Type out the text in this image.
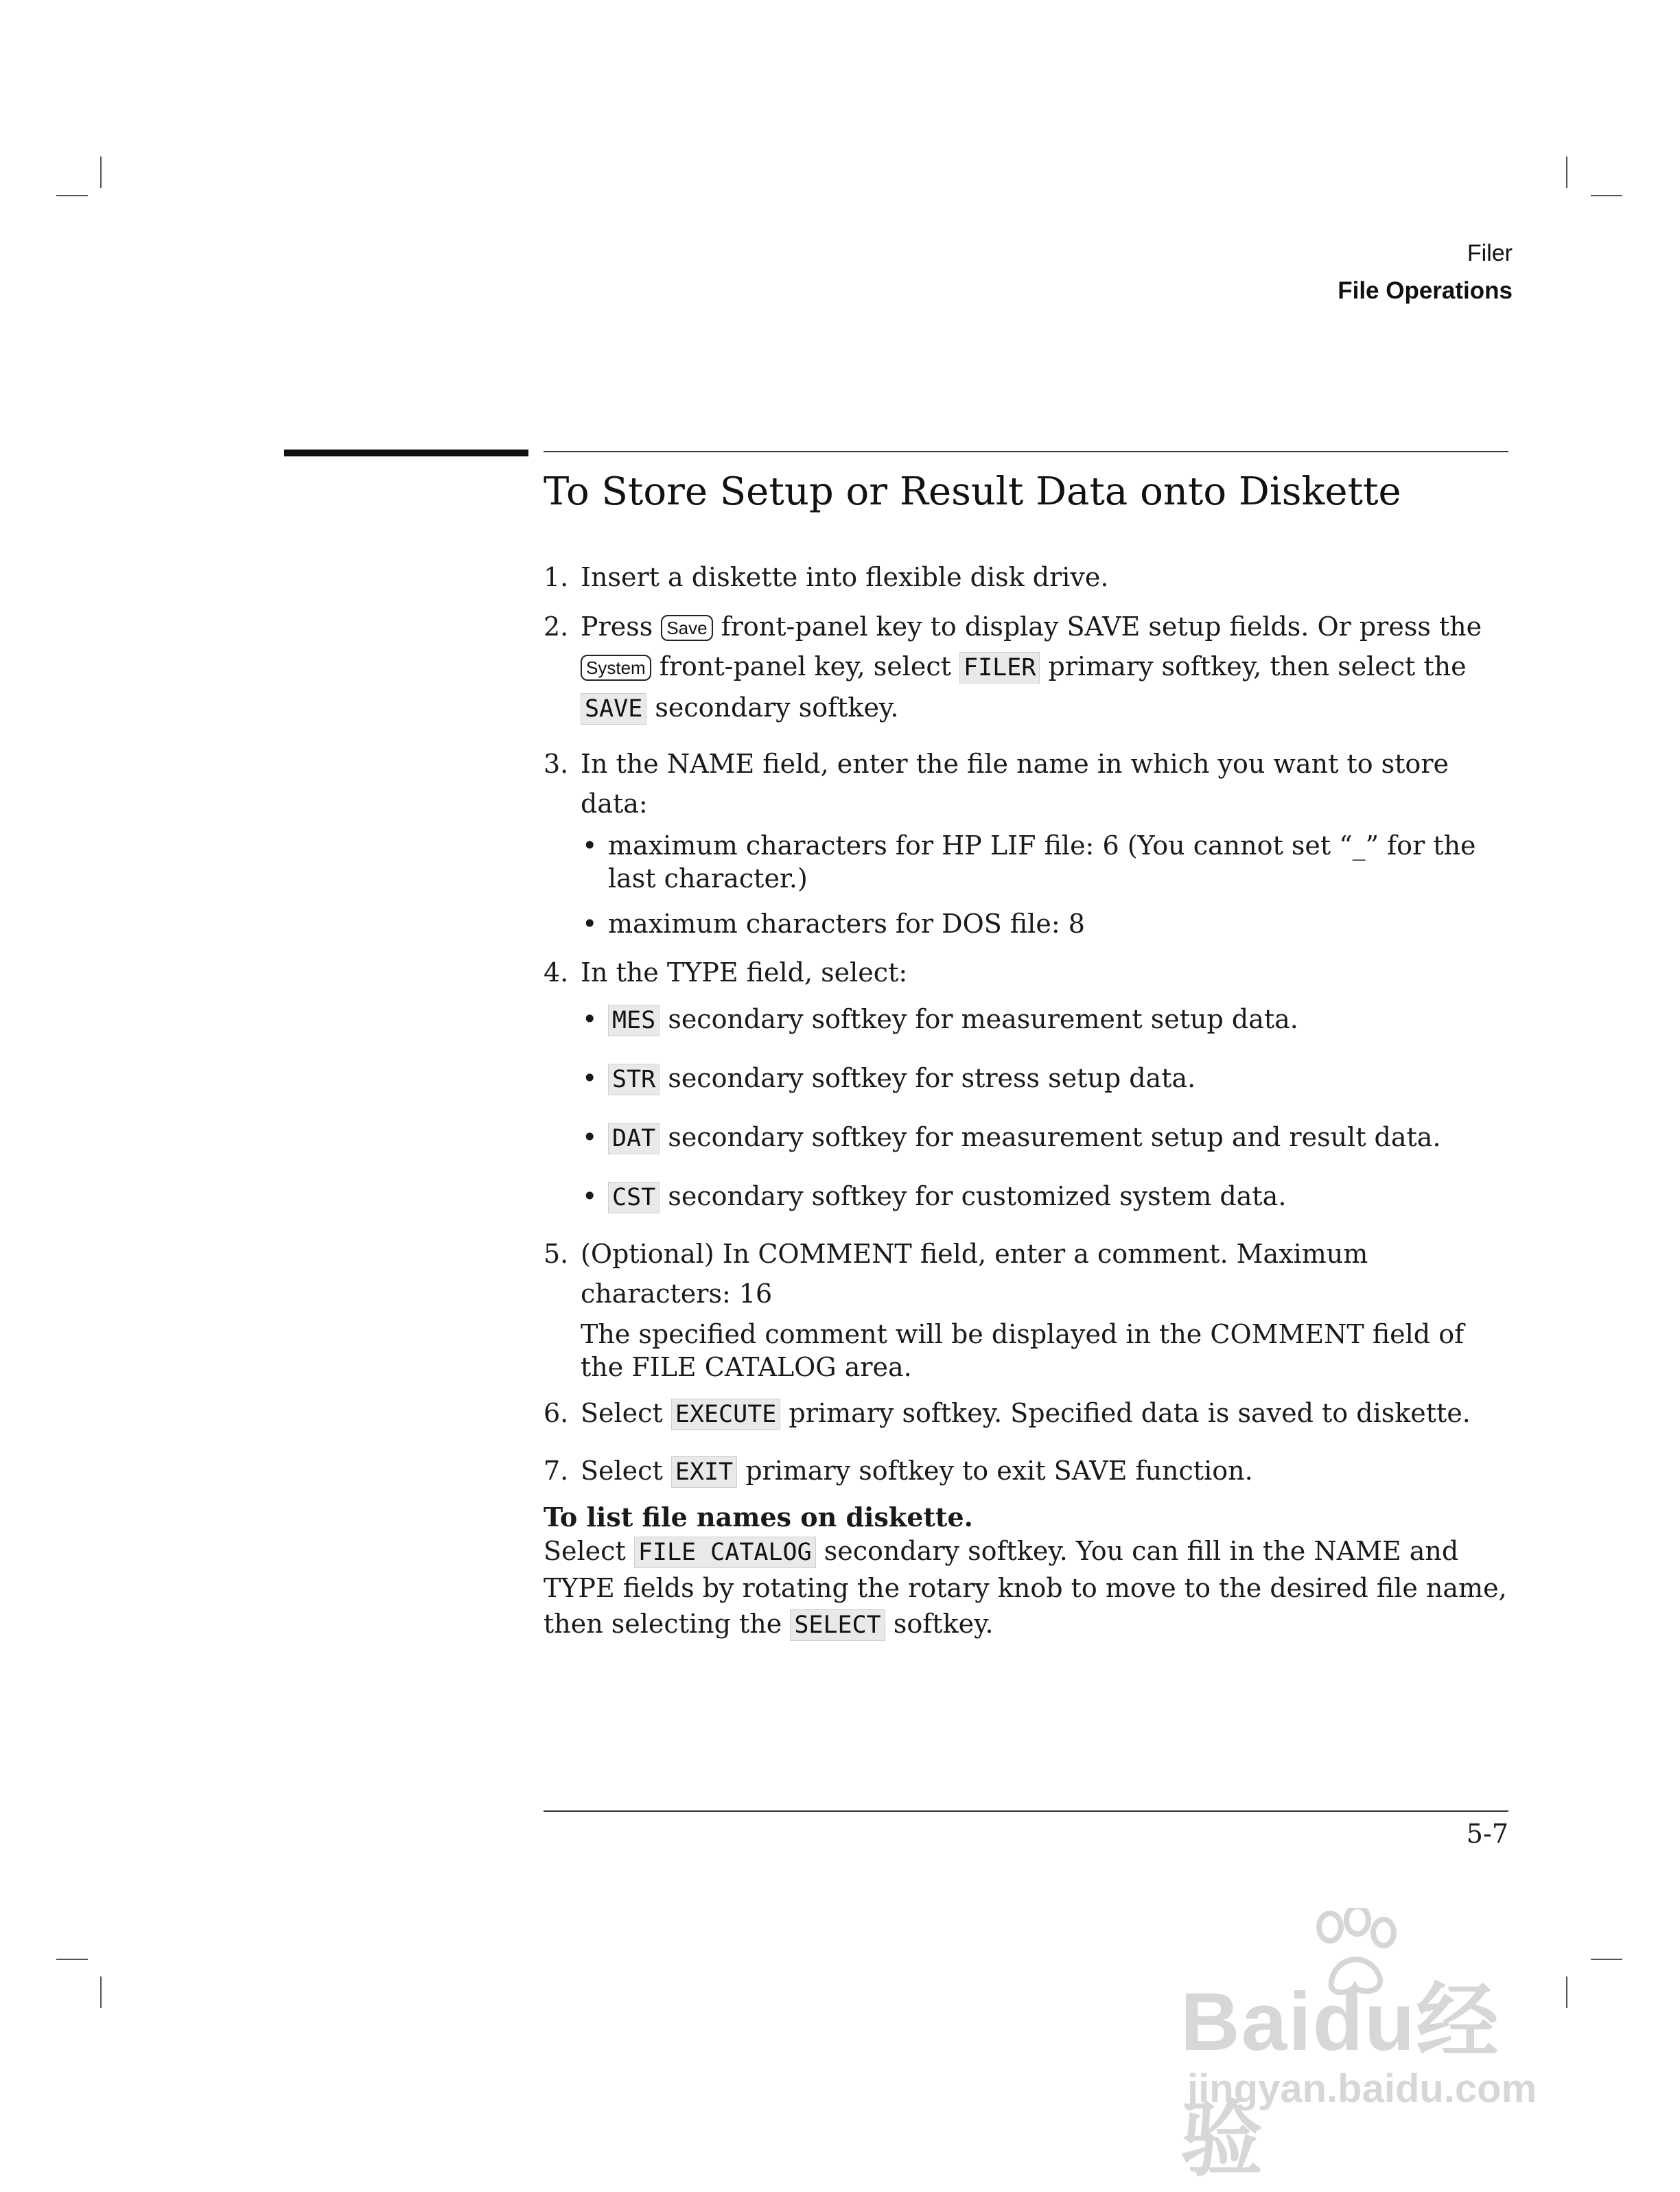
Filer
File Operations
To Store Setup or Result Data onto Diskette
1. Insert a diskette into flexible disk drive.
2. Press Save front-panel key to display SAVE setup fields. Or press the
System front-panel key, select FILER primary softkey, then select the
SAVE secondary softkey.
3. In the NAME field, enter the file name in which you want to store data:
• maximum characters for HP LIF file: 6 (You cannot set “_” for the last character.)
• maximum characters for DOS file: 8
4. In the TYPE field, select:
• MES secondary softkey for measurement setup data.
• STR secondary softkey for stress setup data.
• DAT secondary softkey for measurement setup and result data.
• CST secondary softkey for customized system data.
5. (Optional) In COMMENT field, enter a comment. Maximum characters: 16
The specified comment will be displayed in the COMMENT field of the FILE CATALOG area.
6. Select EXECUTE primary softkey. Specified data is saved to diskette.
7. Select EXIT primary softkey to exit SAVE function.
To list file names on diskette.
Select FILE CATALOG secondary softkey. You can fill in the NAME and TYPE fields by rotating the rotary knob to move to the desired file name, then selecting the SELECT softkey.
5-7
Baidu经验
jingyan.baidu.com
